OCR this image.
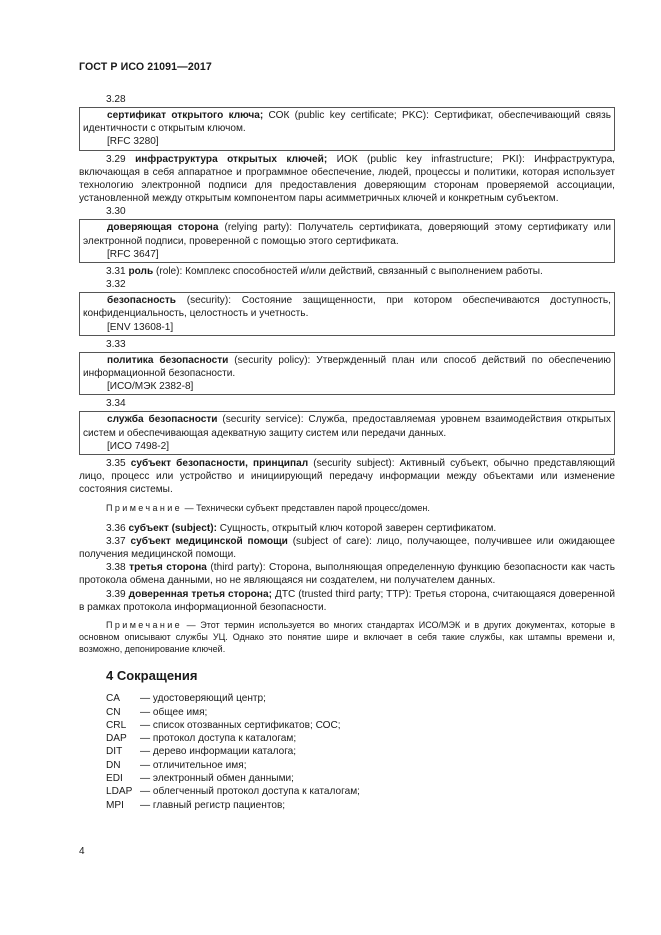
ГОСТ Р ИСО 21091—2017

3.28

сертификат открытого ключа; СОК (public key certificate; PKC): Сертификат, обеспечивающий связь идентичности с открытым ключом.

[RFC 3280]

3.29 инфраструктура открытых ключей; ИОК (public key infrastructure; PKI): Инфраструктура, включающая в себя аппаратное и программное обеспечение, людей, процессы и политики, которая использует технологию электронной подписи для предоставления доверяющим сторонам проверяемой ассоциации, установленной между открытым компонентом пары асимметричных ключей и конкретным субъектом.

3.30

доверяющая сторона (relying party): Получатель сертификата, доверяющий этому сертификату или электронной подписи, проверенной с помощью этого сертификата.

[RFC 3647]

3.31 роль (role): Комплекс способностей и/или действий, связанный с выполнением работы.

3.32

безопасность (security): Состояние защищенности, при котором обеспечиваются доступность, конфиденциальность, целостность и учетность.

[ENV 13608-1]

3.33

политика безопасности (security policy): Утвержденный план или способ действий по обеспечению информационной безопасности.

[ИСО/МЭК 2382-8]

3.34

служба безопасности (security service): Служба, предоставляемая уровнем взаимодействия открытых систем и обеспечивающая адекватную защиту систем или передачи данных.

[ИСО 7498-2]

3.35 субъект безопасности, принципал (security subject): Активный субъект, обычно представляющий лицо, процесс или устройство и инициирующий передачу информации между объектами или изменение состояния системы.

Примечание — Технически субъект представлен парой процесс/домен.

3.36 субъект (subject): Сущность, открытый ключ которой заверен сертификатом.

3.37 субъект медицинской помощи (subject of care): лицо, получающее, получившее или ожидающее получения медицинской помощи.

3.38 третья сторона (third party): Сторона, выполняющая определенную функцию безопасности как часть протокола обмена данными, но не являющаяся ни создателем, ни получателем данных.

3.39 доверенная третья сторона; ДТС (trusted third party; TTP): Третья сторона, считающаяся доверенной в рамках протокола информационной безопасности.

Примечание — Этот термин используется во многих стандартах ИСО/МЭК и в других документах, которые в основном описывают службы УЦ. Однако это понятие шире и включает в себя такие службы, как штампы времени и, возможно, депонирование ключей.

4 Сокращения
CA — удостоверяющий центр;
CN — общее имя;
CRL — список отозванных сертификатов; СОС;
DAP — протокол доступа к каталогам;
DIT — дерево информации каталога;
DN — отличительное имя;
EDI — электронный обмен данными;
LDAP — облегченный протокол доступа к каталогам;
MPI — главный регистр пациентов;
4
